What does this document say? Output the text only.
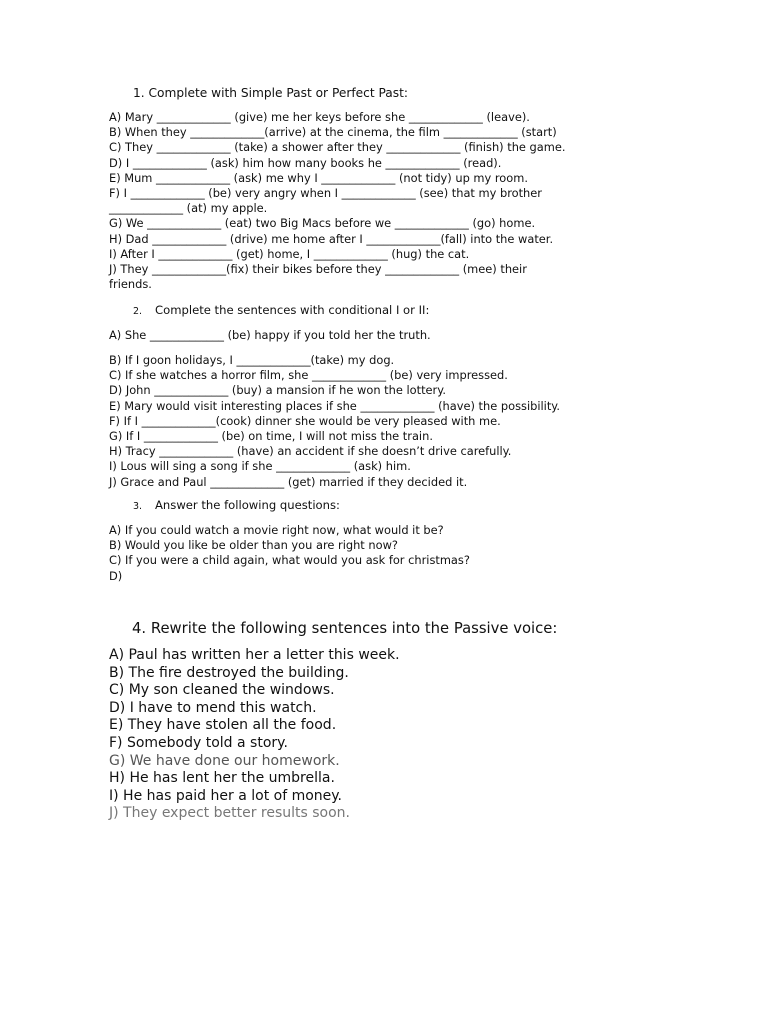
1. Complete with Simple Past or Perfect Past:
A) Mary _____________ (give) me her keys before she _____________ (leave).
B) When they _____________(arrive) at the cinema, the film _____________ (start)
C) They _____________ (take) a shower after they _____________ (finish) the game.
D) I _____________ (ask) him how many books he _____________ (read).
E) Mum _____________ (ask) me why I _____________ (not tidy) up my room.
F) I _____________ (be) very angry when I _____________ (see) that my brother
_____________ (at) my apple.
G) We _____________ (eat) two Big Macs before we _____________ (go) home.
H) Dad _____________ (drive) me home after I _____________(fall) into the water.
I) After I _____________ (get) home, I _____________ (hug) the cat.
J) They _____________(fix) their bikes before they _____________ (mee) their
friends.
2. Complete the sentences with conditional I or II:
A) She _____________ (be) happy if you told her the truth.
B) If I goon holidays, I _____________(take) my dog.
C) If she watches a horror film, she _____________ (be) very impressed.
D) John _____________ (buy) a mansion if he won the lottery.
E) Mary would visit interesting places if she _____________ (have) the possibility.
F) If I _____________(cook) dinner she would be very pleased with me.
G) If I _____________ (be) on time, I will not miss the train.
H) Tracy _____________ (have) an accident if she doesn’t drive carefully.
I) Lous will sing a song if she _____________ (ask) him.
J) Grace and Paul _____________ (get) married if they decided it.
3. Answer the following questions:
A) If you could watch a movie right now, what would it be?
B) Would you like be older than you are right now?
C) If you were a child again, what would you ask for christmas?
D)
4. Rewrite the following sentences into the Passive voice:
A) Paul has written her a letter this week.
B) The fire destroyed the building.
C) My son cleaned the windows.
D) I have to mend this watch.
E) They have stolen all the food.
F) Somebody told a story.
G) We have done our homework.
H) He has lent her the umbrella.
I) He has paid her a lot of money.
J) They expect better results soon.
